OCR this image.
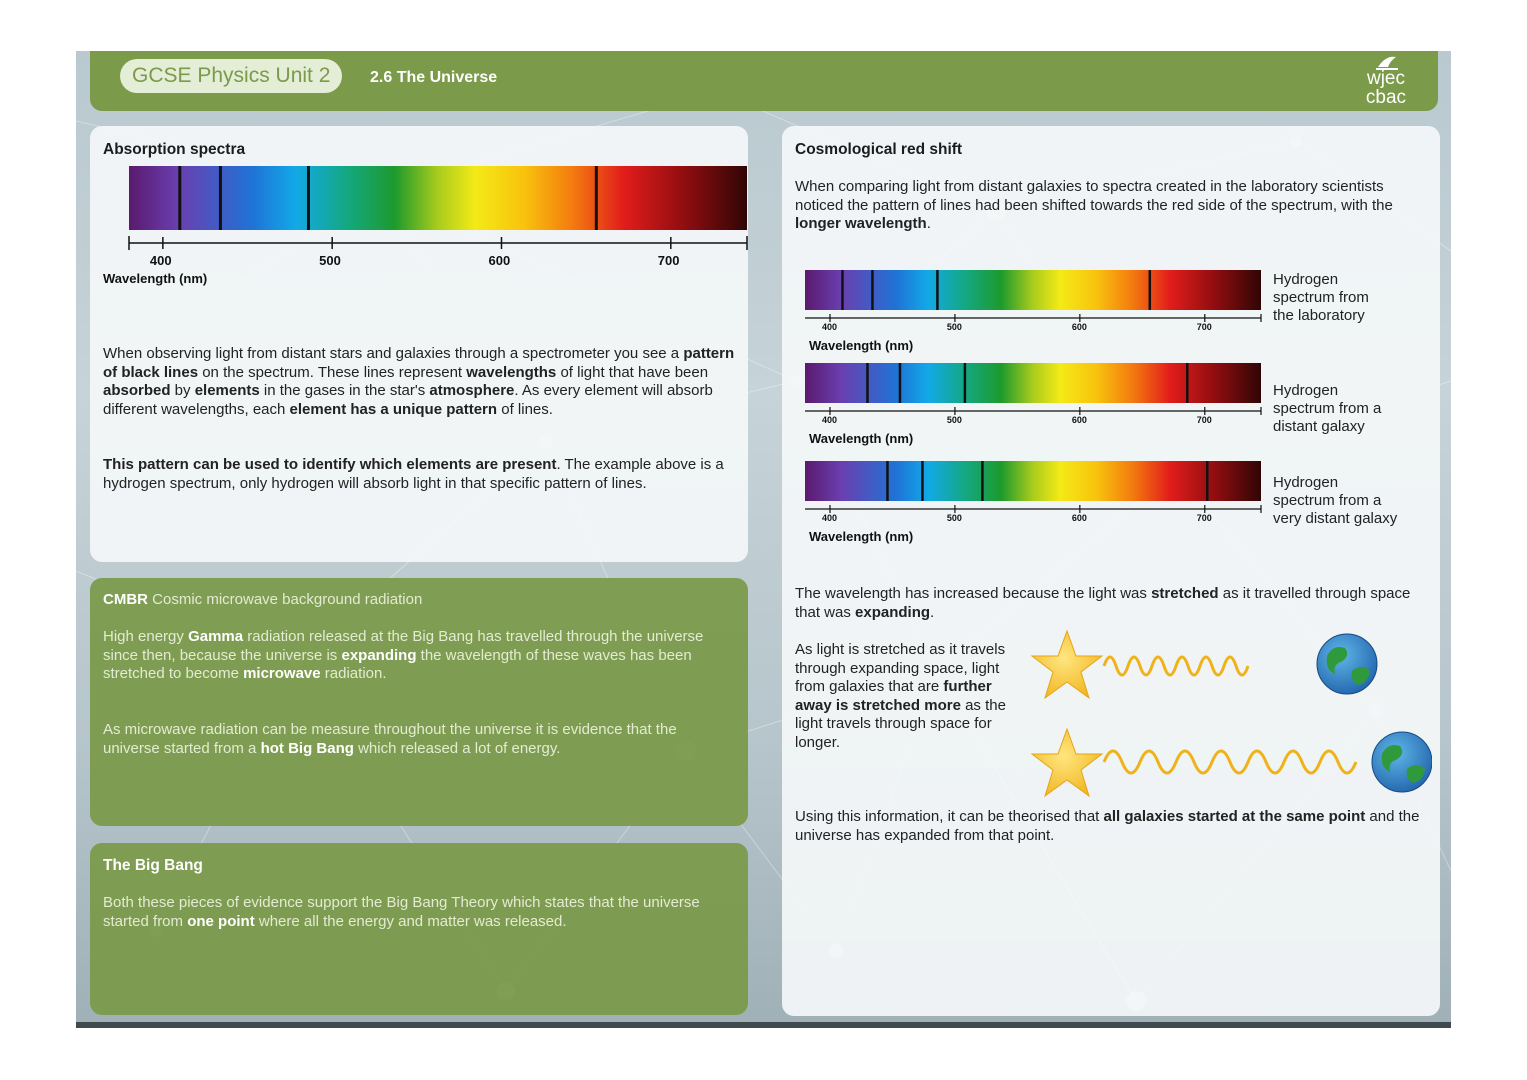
GCSE Physics Unit 2	2.6 The Universe	wjec
cbac
Absorption spectra
400	500	600	700
Wavelength (nm)
When observing light from distant stars and galaxies through a spectrometer you see a pattern of black lines on the spectrum. These lines represent wavelengths of light that have been absorbed by elements in the gases in the star's atmosphere. As every element will absorb different wavelengths, each element has a unique pattern of lines.
This pattern can be used to identify which elements are present. The example above is a hydrogen spectrum, only hydrogen will absorb light in that specific pattern of lines.
CMBR Cosmic microwave background radiation
High energy Gamma radiation released at the Big Bang has travelled through the universe since then, because the universe is expanding the wavelength of these waves has been stretched to become microwave radiation.
As microwave radiation can be measure throughout the universe it is evidence that the universe started from a hot Big Bang which released a lot of energy.
The Big Bang
Both these pieces of evidence support the Big Bang Theory which states that the universe started from one point where all the energy and matter was released.
Cosmological red shift
When comparing light from distant galaxies to spectra created in the laboratory scientists noticed the pattern of lines had been shifted towards the red side of the spectrum, with the longer wavelength.
400	500	600	700
Wavelength (nm)
400	500	600	700
Wavelength (nm)
400	500	600	700
Wavelength (nm)
Hydrogen
spectrum from
the laboratory
Hydrogen
spectrum from a
distant galaxy
Hydrogen
spectrum from a
very distant galaxy
The wavelength has increased because the light was stretched as it travelled through space that was expanding.
As light is stretched as it travels through expanding space, light from galaxies that are further away is stretched more as the light travels through space for longer.
Using this information, it can be theorised that all galaxies started at the same point and the universe has expanded from that point.
